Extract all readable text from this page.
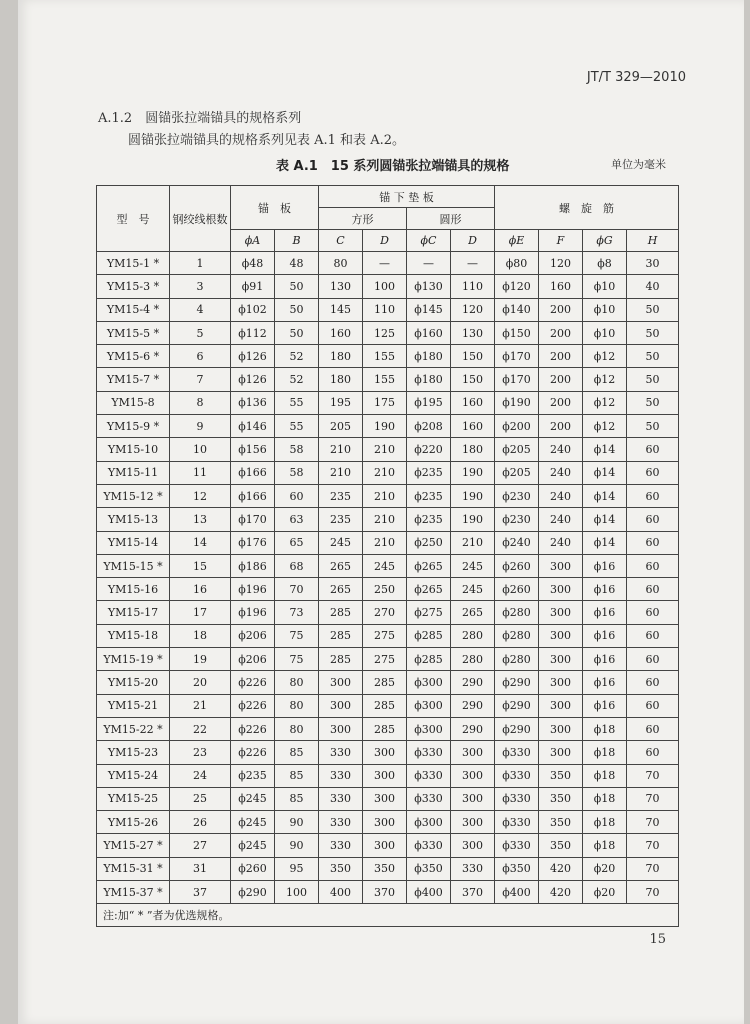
JT/T 329—2010
A.1.2　圆锚张拉端锚具的规格系列
圆锚张拉端锚具的规格系列见表 A.1 和表 A.2。
表 A.1　15 系列圆锚张拉端锚具的规格	单位为毫米
型　号	钢绞线根数	锚　板		锚 下 垫 板				螺　旋　筋			
				方形		圆形					
		ϕA	B	C	D	ϕC	D	ϕE	F	ϕG	H
YM15-1 *	1	ϕ48	48	80	—	—	—	ϕ80	120	ϕ8	30
YM15-3 *	3	ϕ91	50	130	100	ϕ130	110	ϕ120	160	ϕ10	40
YM15-4 *	4	ϕ102	50	145	110	ϕ145	120	ϕ140	200	ϕ10	50
YM15-5 *	5	ϕ112	50	160	125	ϕ160	130	ϕ150	200	ϕ10	50
YM15-6 *	6	ϕ126	52	180	155	ϕ180	150	ϕ170	200	ϕ12	50
YM15-7 *	7	ϕ126	52	180	155	ϕ180	150	ϕ170	200	ϕ12	50
YM15-8	8	ϕ136	55	195	175	ϕ195	160	ϕ190	200	ϕ12	50
YM15-9 *	9	ϕ146	55	205	190	ϕ208	160	ϕ200	200	ϕ12	50
YM15-10	10	ϕ156	58	210	210	ϕ220	180	ϕ205	240	ϕ14	60
YM15-11	11	ϕ166	58	210	210	ϕ235	190	ϕ205	240	ϕ14	60
YM15-12 *	12	ϕ166	60	235	210	ϕ235	190	ϕ230	240	ϕ14	60
YM15-13	13	ϕ170	63	235	210	ϕ235	190	ϕ230	240	ϕ14	60
YM15-14	14	ϕ176	65	245	210	ϕ250	210	ϕ240	240	ϕ14	60
YM15-15 *	15	ϕ186	68	265	245	ϕ265	245	ϕ260	300	ϕ16	60
YM15-16	16	ϕ196	70	265	250	ϕ265	245	ϕ260	300	ϕ16	60
YM15-17	17	ϕ196	73	285	270	ϕ275	265	ϕ280	300	ϕ16	60
YM15-18	18	ϕ206	75	285	275	ϕ285	280	ϕ280	300	ϕ16	60
YM15-19 *	19	ϕ206	75	285	275	ϕ285	280	ϕ280	300	ϕ16	60
YM15-20	20	ϕ226	80	300	285	ϕ300	290	ϕ290	300	ϕ16	60
YM15-21	21	ϕ226	80	300	285	ϕ300	290	ϕ290	300	ϕ16	60
YM15-22 *	22	ϕ226	80	300	285	ϕ300	290	ϕ290	300	ϕ18	60
YM15-23	23	ϕ226	85	330	300	ϕ330	300	ϕ330	300	ϕ18	60
YM15-24	24	ϕ235	85	330	300	ϕ330	300	ϕ330	350	ϕ18	70
YM15-25	25	ϕ245	85	330	300	ϕ330	300	ϕ330	350	ϕ18	70
YM15-26	26	ϕ245	90	330	300	ϕ300	300	ϕ330	350	ϕ18	70
YM15-27 *	27	ϕ245	90	330	300	ϕ330	300	ϕ330	350	ϕ18	70
YM15-31 *	31	ϕ260	95	350	350	ϕ350	330	ϕ350	420	ϕ20	70
YM15-37 *	37	ϕ290	100	400	370	ϕ400	370	ϕ400	420	ϕ20	70
注:加“ * ”者为优选规格。											
15
